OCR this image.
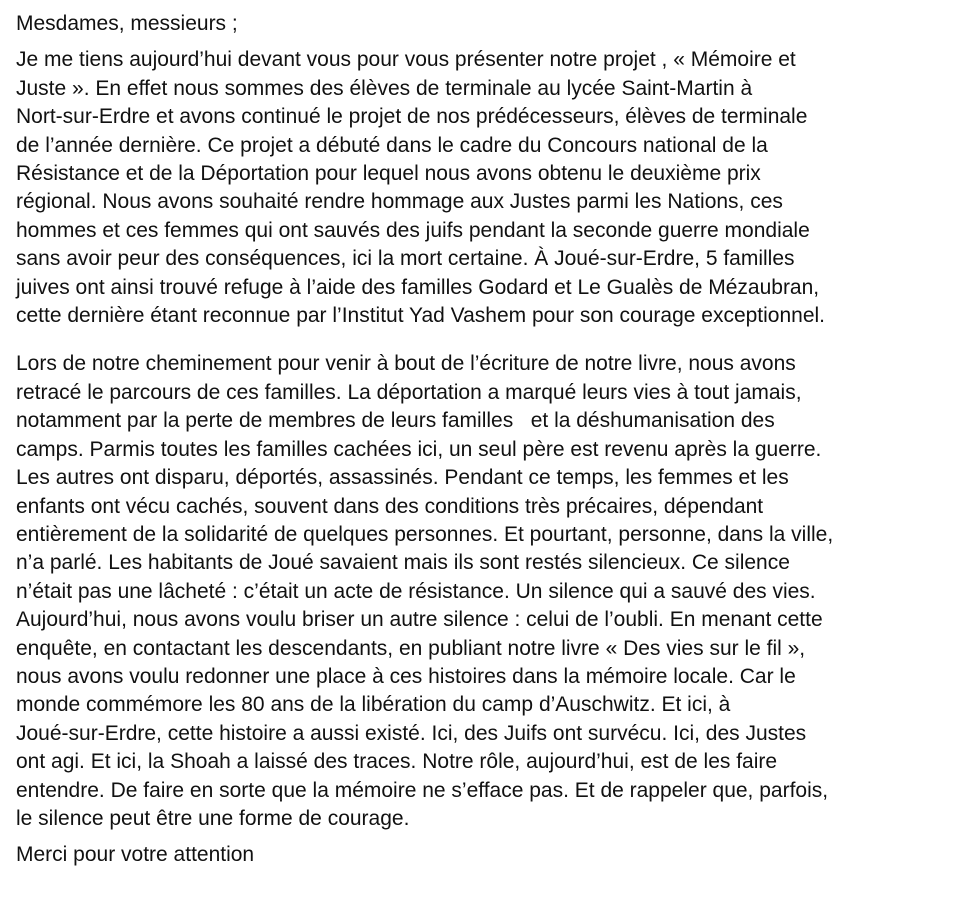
Mesdames, messieurs ;

Je me tiens aujourd’hui devant vous pour vous présenter notre projet , « Mémoire et
Juste ». En effet nous sommes des élèves de terminale au lycée Saint-Martin à
Nort-sur-Erdre et avons continué le projet de nos prédécesseurs, élèves de terminale
de l’année dernière. Ce projet a débuté dans le cadre du Concours national de la
Résistance et de la Déportation pour lequel nous avons obtenu le deuxième prix
régional. Nous avons souhaité rendre hommage aux Justes parmi les Nations, ces
hommes et ces femmes qui ont sauvés des juifs pendant la seconde guerre mondiale
sans avoir peur des conséquences, ici la mort certaine. À Joué-sur-Erdre, 5 familles
juives ont ainsi trouvé refuge à l’aide des familles Godard et Le Gualès de Mézaubran,
cette dernière étant reconnue par l’Institut Yad Vashem pour son courage exceptionnel.
Lors de notre cheminement pour venir à bout de l’écriture de notre livre, nous avons
retracé le parcours de ces familles. La déportation a marqué leurs vies à tout jamais,
notamment par la perte de membres de leurs familles   et la déshumanisation des
camps. Parmis toutes les familles cachées ici, un seul père est revenu après la guerre.
Les autres ont disparu, déportés, assassinés. Pendant ce temps, les femmes et les
enfants ont vécu cachés, souvent dans des conditions très précaires, dépendant
entièrement de la solidarité de quelques personnes. Et pourtant, personne, dans la ville,
n’a parlé. Les habitants de Joué savaient mais ils sont restés silencieux. Ce silence
n’était pas une lâcheté : c’était un acte de résistance. Un silence qui a sauvé des vies.
Aujourd’hui, nous avons voulu briser un autre silence : celui de l’oubli. En menant cette
enquête, en contactant les descendants, en publiant notre livre « Des vies sur le fil »,
nous avons voulu redonner une place à ces histoires dans la mémoire locale. Car le
monde commémore les 80 ans de la libération du camp d’Auschwitz. Et ici, à
Joué-sur-Erdre, cette histoire a aussi existé. Ici, des Juifs ont survécu. Ici, des Justes
ont agi. Et ici, la Shoah a laissé des traces. Notre rôle, aujourd’hui, est de les faire
entendre. De faire en sorte que la mémoire ne s’efface pas. Et de rappeler que, parfois,
le silence peut être une forme de courage.

Merci pour votre attention
